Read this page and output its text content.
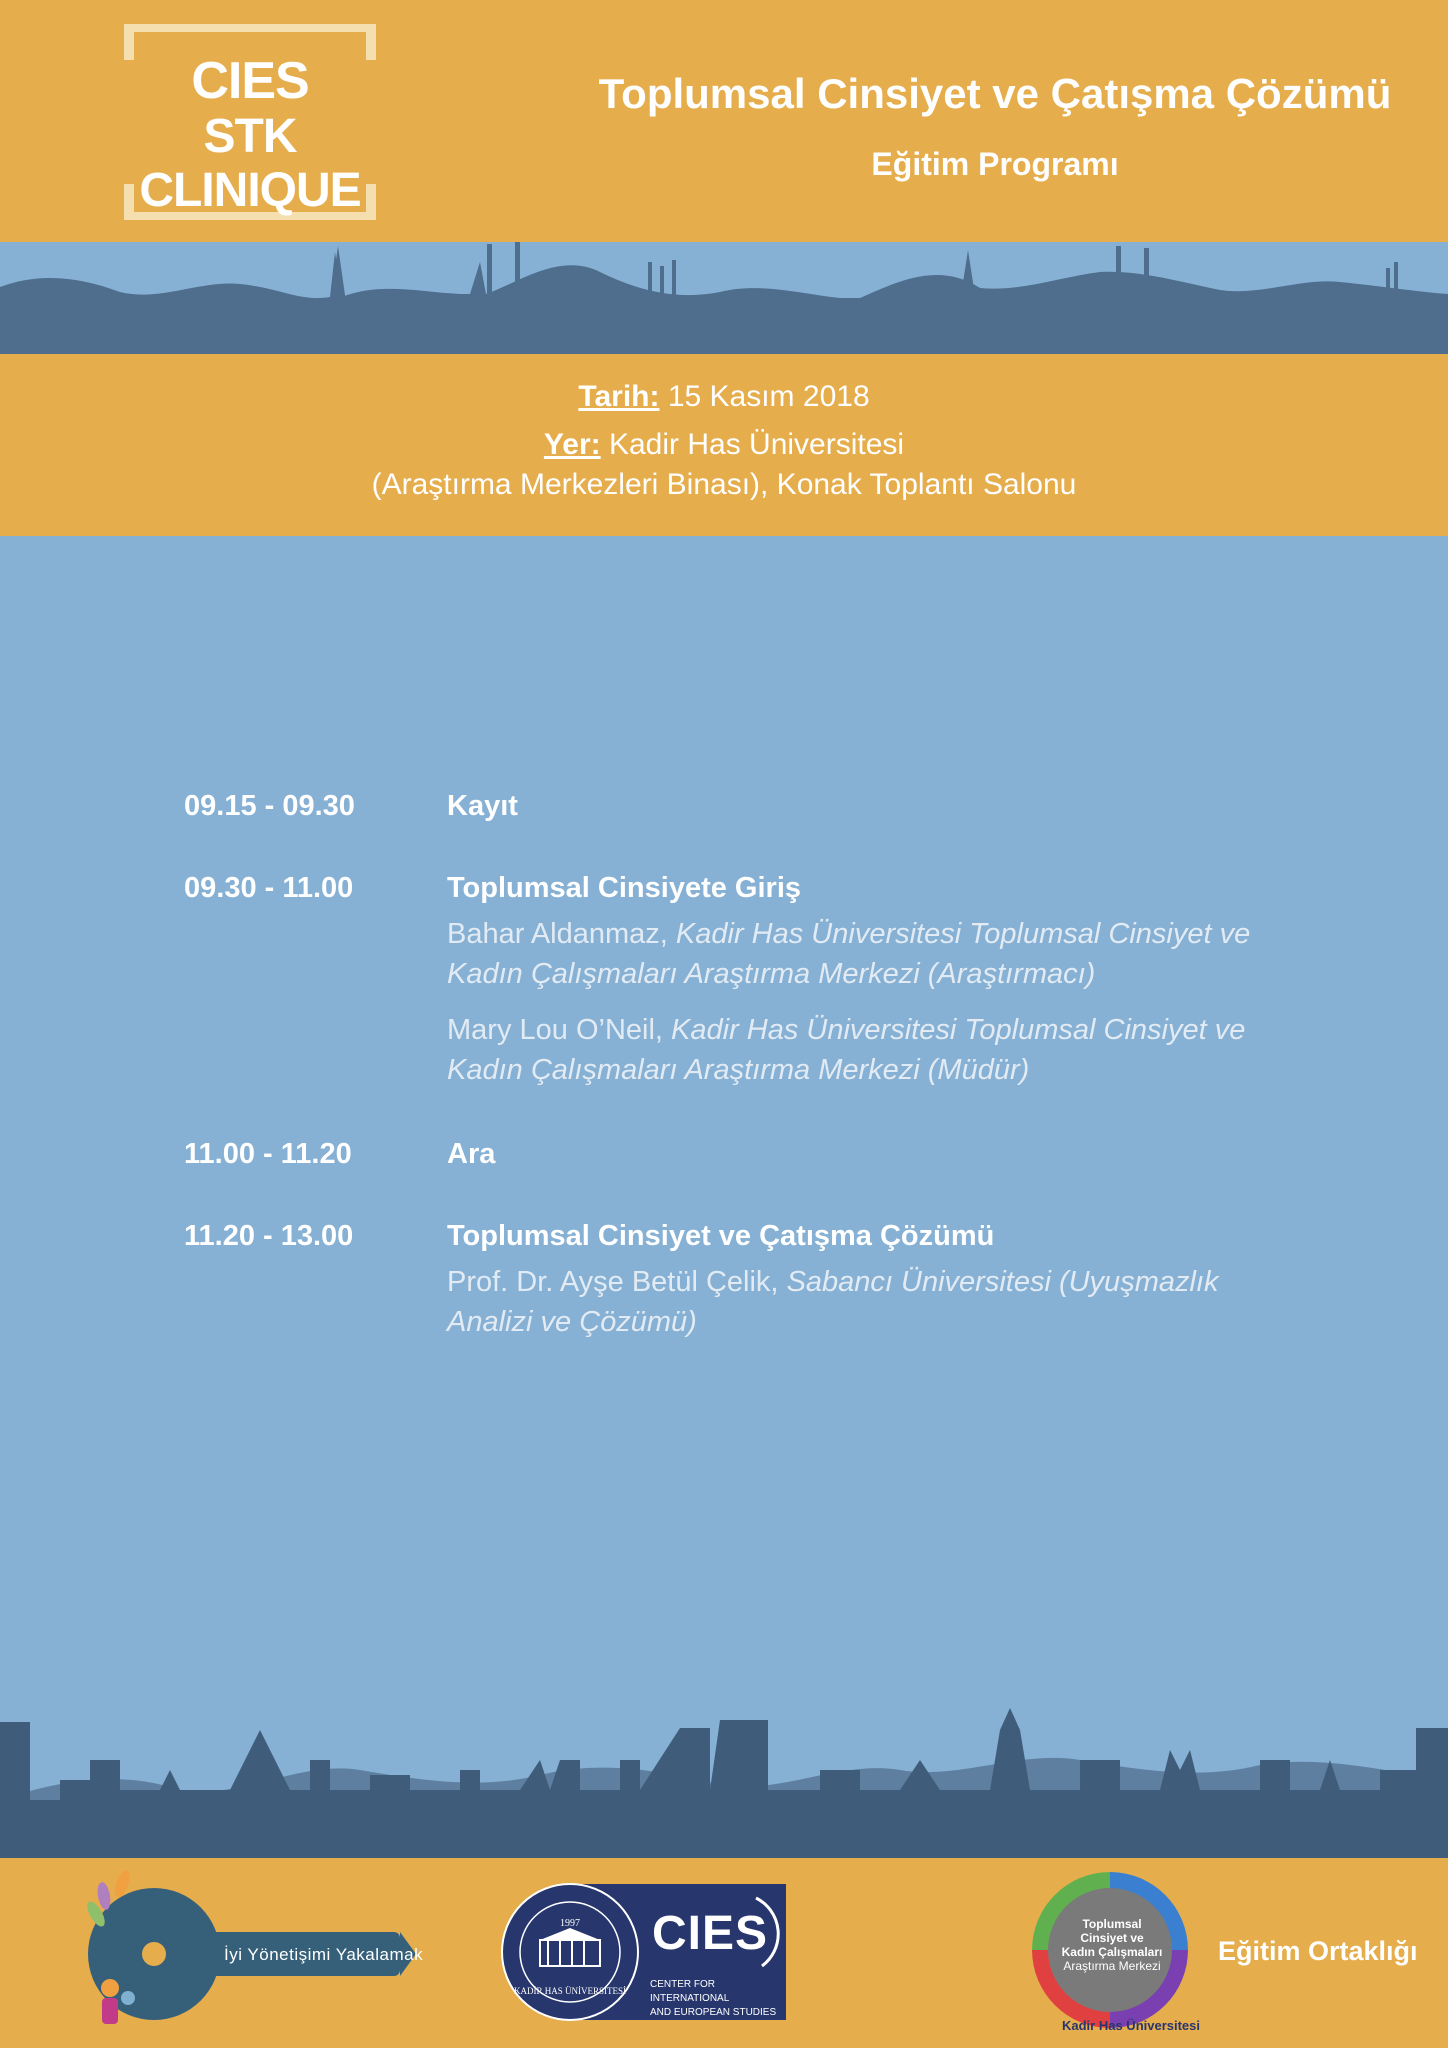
CIES
STK CLINIQUE
Toplumsal Cinsiyet ve Çatışma Çözümü
Eğitim Programı
Tarih: 15 Kasım 2018
Yer: Kadir Has Üniversitesi
(Araştırma Merkezleri Binası), Konak Toplantı Salonu
09.15 - 09.30	Kayıt
09.30 - 11.00	Toplumsal Cinsiyete Giriş
Bahar Aldanmaz, Kadir Has Üniversitesi Toplumsal Cinsiyet ve
Kadın Çalışmaları Araştırma Merkezi (Araştırmacı)
Mary Lou O’Neil, Kadir Has Üniversitesi Toplumsal Cinsiyet ve
Kadın Çalışmaları Araştırma Merkezi (Müdür)
11.00 - 11.20	Ara
11.20 - 13.00	Toplumsal Cinsiyet ve Çatışma Çözümü
Prof. Dr. Ayşe Betül Çelik, Sabancı Üniversitesi (Uyuşmazlık
Analizi ve Çözümü)
İyi Yönetişimi Yakalamak
1997
KADİR HAS ÜNİVERSİTESİ
CIES
CENTER FOR INTERNATIONAL
AND EUROPEAN STUDIES
Toplumsal
Cinsiyet ve
Kadın Çalışmaları
Araştırma Merkezi
Kadir Has Üniversitesi
Eğitim Ortaklığı
